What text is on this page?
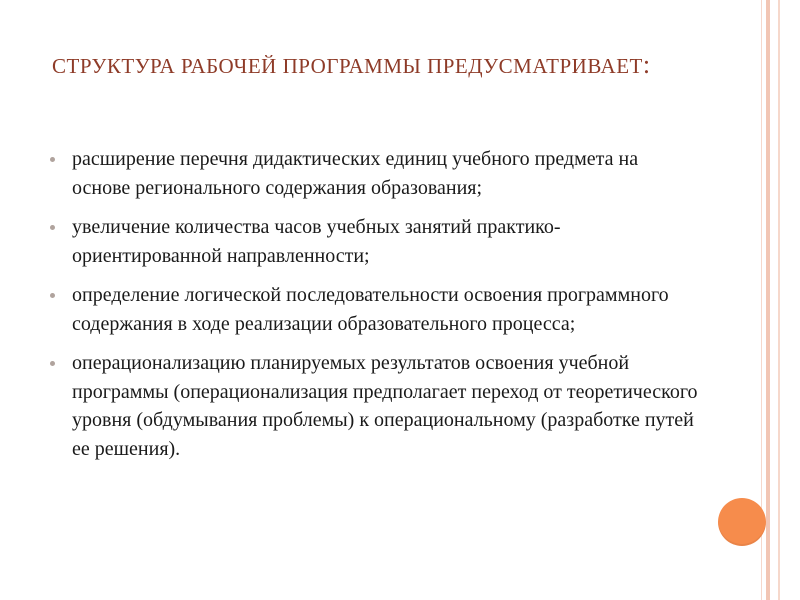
СТРУКТУРА РАБОЧЕЙ ПРОГРАММЫ ПРЕДУСМАТРИВАЕТ:
расширение перечня дидактических единиц учебного предмета на основе регионального содержания образования;
увеличение количества часов учебных занятий практико-ориентированной направленности;
определение логической последовательности освоения программного содержания в ходе реализации образовательного процесса;
операционализацию планируемых результатов освоения учебной программы (операционализация предполагает переход от теоретического уровня (обдумывания проблемы) к операциональному (разработке путей ее решения).
